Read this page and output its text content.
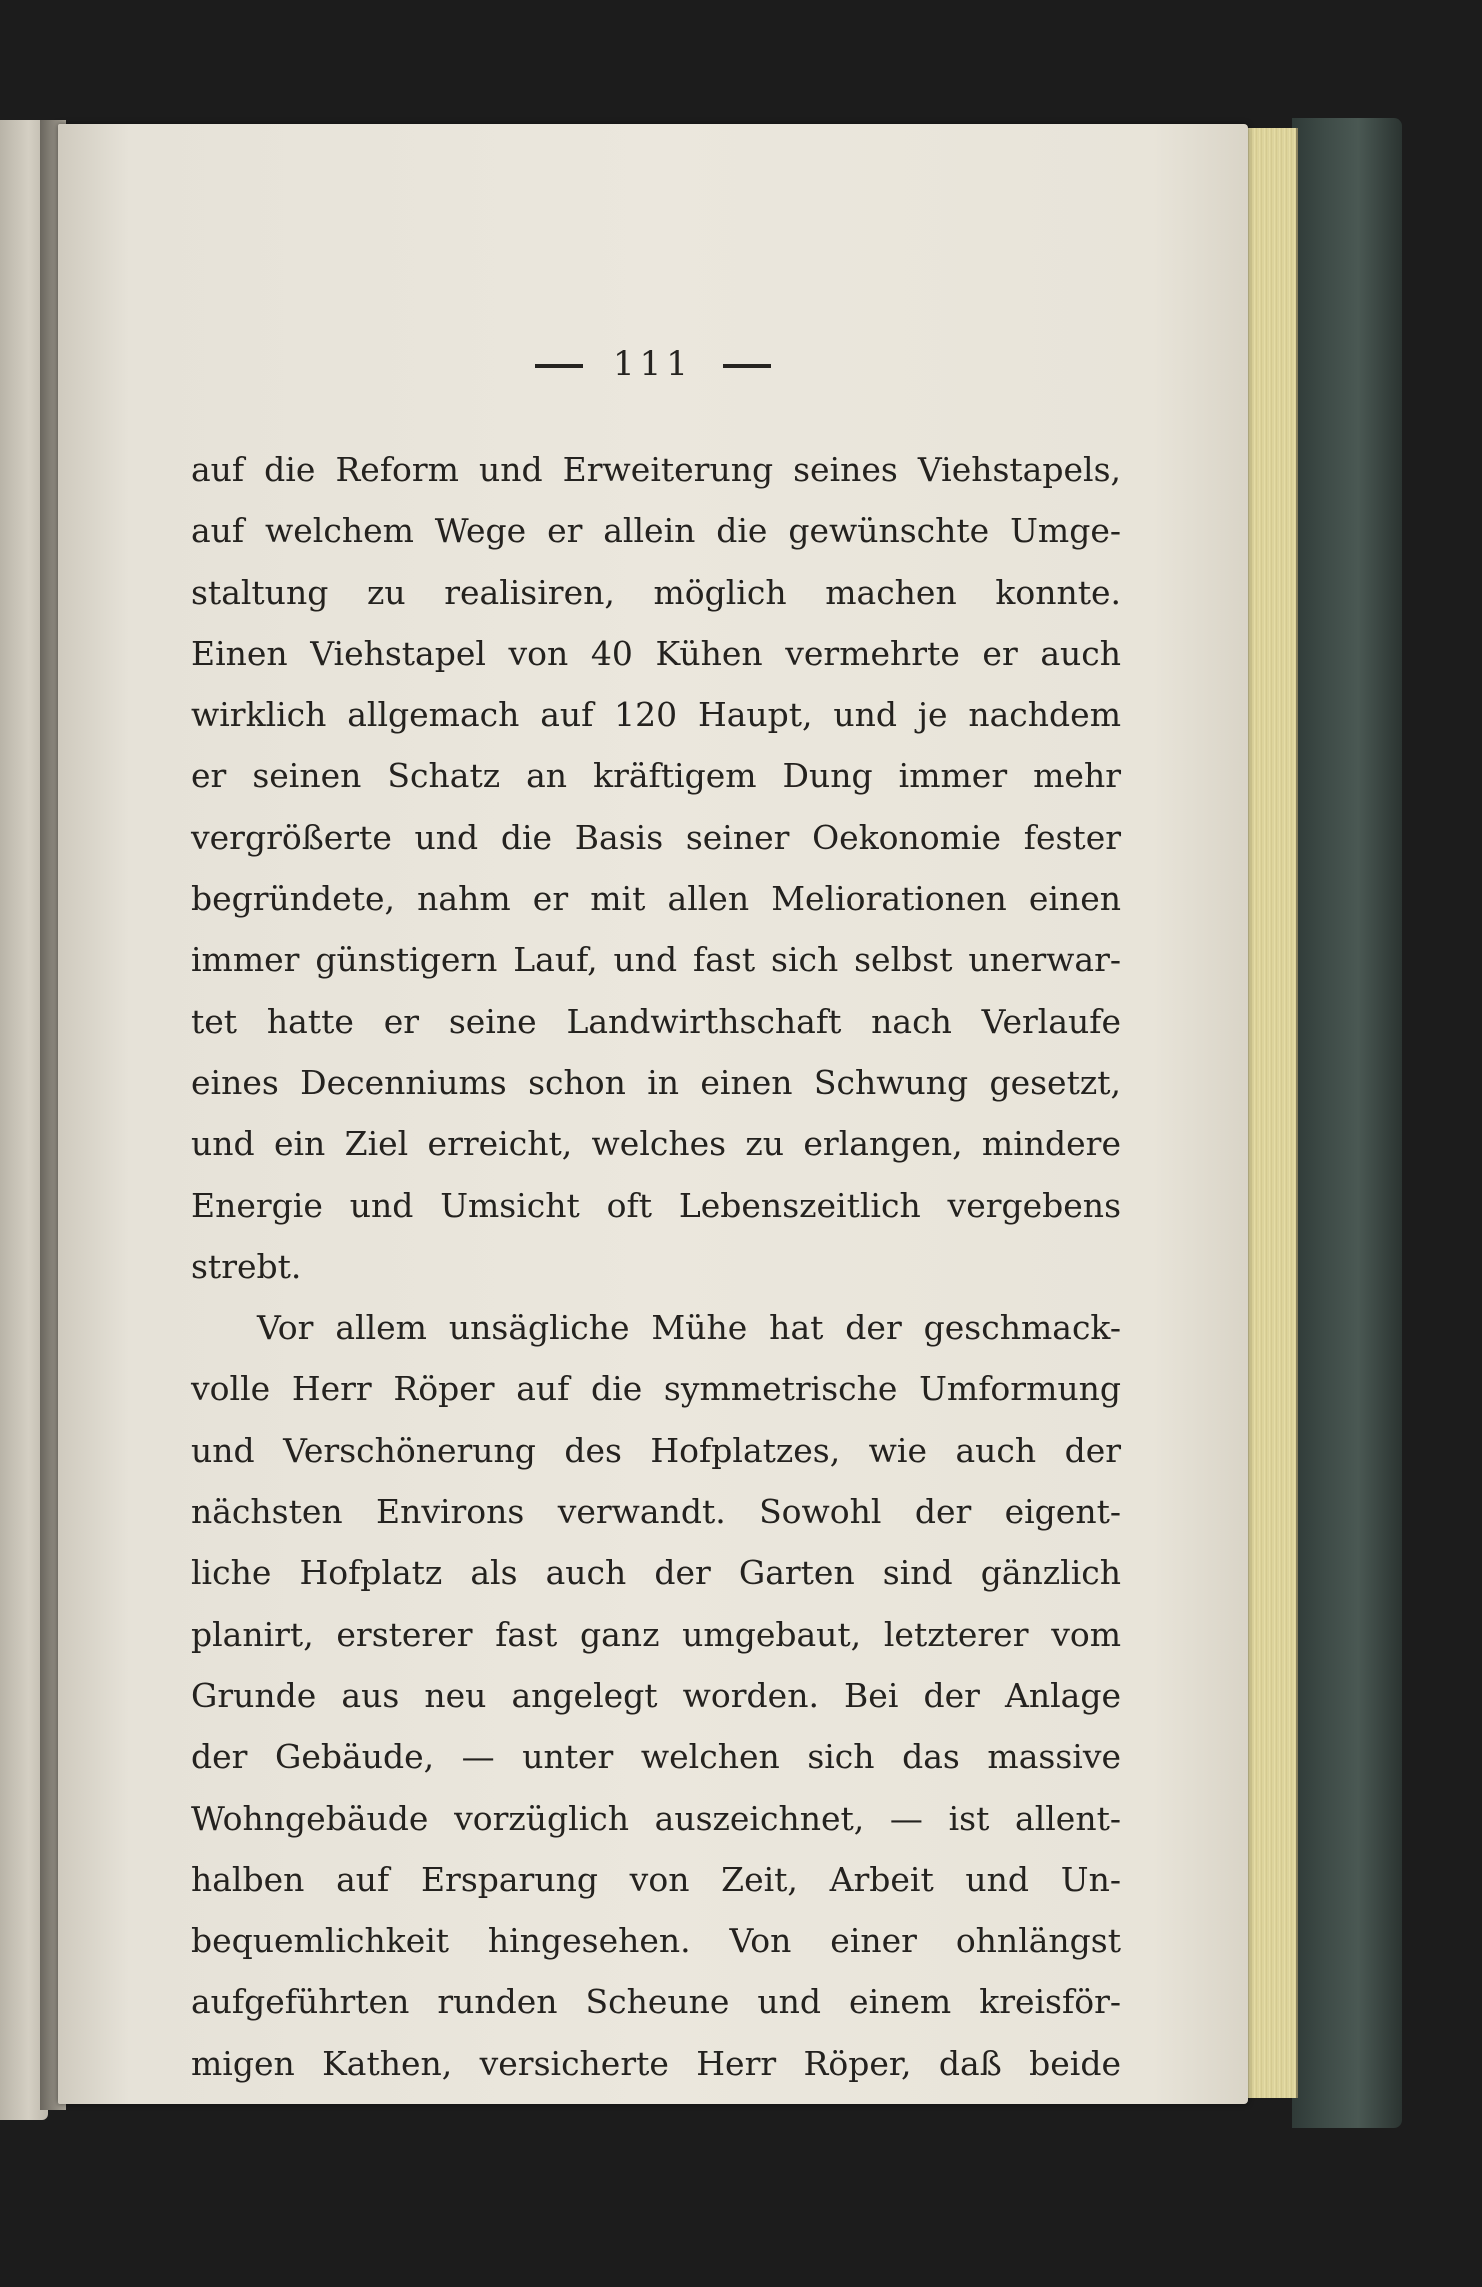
111
auf die Reform und Erweiterung seines Viehstapels,
auf welchem Wege er allein die gewünschte Umge-
staltung zu realisiren, möglich machen konnte.
Einen Viehstapel von 40 Kühen vermehrte er auch
wirklich allgemach auf 120 Haupt, und je nachdem
er seinen Schatz an kräftigem Dung immer mehr
vergrößerte und die Basis seiner Oekonomie fester
begründete, nahm er mit allen Meliorationen einen
immer günstigern Lauf, und fast sich selbst unerwar-
tet hatte er seine Landwirthschaft nach Verlaufe
eines Decenniums schon in einen Schwung gesetzt,
und ein Ziel erreicht, welches zu erlangen, mindere
Energie und Umsicht oft Lebenszeitlich vergebens
strebt.
Vor allem unsägliche Mühe hat der geschmack-
volle Herr Röper auf die symmetrische Umformung
und Verschönerung des Hofplatzes, wie auch der
nächsten Environs verwandt. Sowohl der eigent-
liche Hofplatz als auch der Garten sind gänzlich
planirt, ersterer fast ganz umgebaut, letzterer vom
Grunde aus neu angelegt worden. Bei der Anlage
der Gebäude, — unter welchen sich das massive
Wohngebäude vorzüglich auszeichnet, — ist allent-
halben auf Ersparung von Zeit, Arbeit und Un-
bequemlichkeit hingesehen. Von einer ohnlängst
aufgeführten runden Scheune und einem kreisför-
migen Kathen, versicherte Herr Röper, daß beide
